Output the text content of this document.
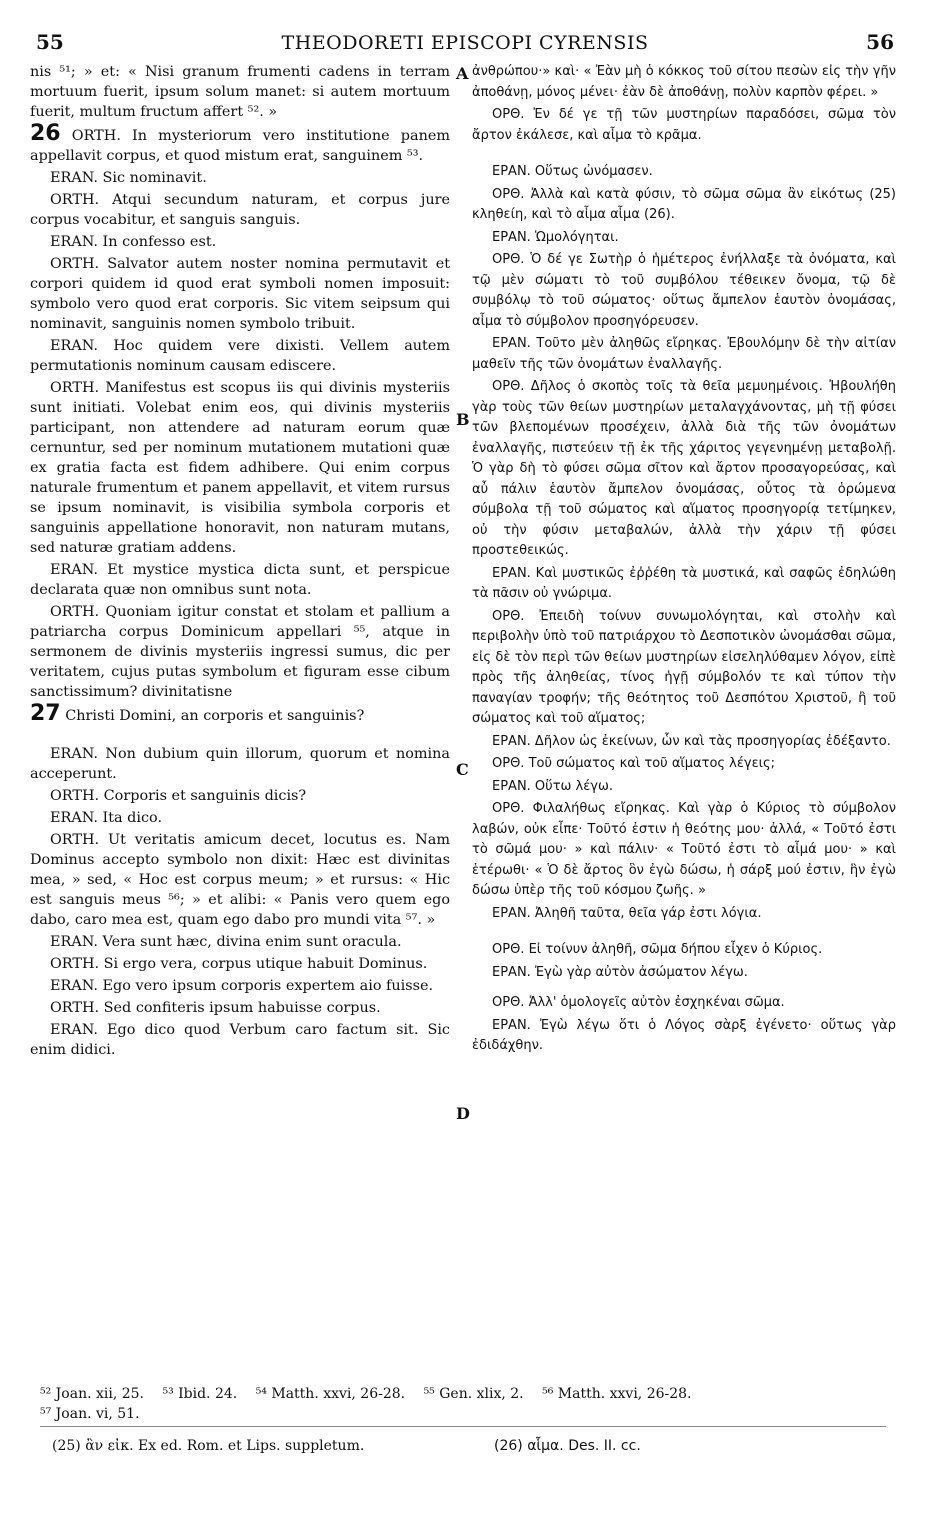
55	THEODORETI EPISCOPI CYRENSIS	56
A
B
C
D

nis ⁵¹; » et: « Nisi granum frumenti cadens in terram mortuum fuerit, ipsum solum manet: si autem mortuum fuerit, multum fructum affert ⁵². »

26 ORTH. In mysteriorum vero institutione panem appellavit corpus, et quod mistum erat, sanguinem ⁵³.

ERAN. Sic nominavit.

ORTH. Atqui secundum naturam, et corpus jure corpus vocabitur, et sanguis sanguis.

ERAN. In confesso est.

ORTH. Salvator autem noster nomina permutavit et corpori quidem id quod erat symboli nomen imposuit: symbolo vero quod erat corporis. Sic vitem seipsum qui nominavit, sanguinis nomen symbolo tribuit.

ERAN. Hoc quidem vere dixisti. Vellem autem permutationis nominum causam ediscere.

ORTH. Manifestus est scopus iis qui divinis mysteriis sunt initiati. Volebat enim eos, qui divinis mysteriis participant, non attendere ad naturam eorum quæ cernuntur, sed per nominum mutationem mutationi quæ ex gratia facta est fidem adhibere. Qui enim corpus naturale frumentum et panem appellavit, et vitem rursus se ipsum nominavit, is visibilia symbola corporis et sanguinis appellatione honoravit, non naturam mutans, sed naturæ gratiam addens.

ERAN. Et mystice mystica dicta sunt, et perspicue declarata quæ non omnibus sunt nota.

ORTH. Quoniam igitur constat et stolam et pallium a patriarcha corpus Dominicum appellari ⁵⁵, atque in sermonem de divinis mysteriis ingressi sumus, dic per veritatem, cujus putas symbolum et figuram esse cibum sanctissimum? divinitatisne

27 Christi Domini, an corporis et sanguinis?

ERAN. Non dubium quin illorum, quorum et nomina acceperunt.

ORTH. Corporis et sanguinis dicis?

ERAN. Ita dico.

ORTH. Ut veritatis amicum decet, locutus es. Nam Dominus accepto symbolo non dixit: Hæc est divinitas mea, » sed, « Hoc est corpus meum; » et rursus: « Hic est sanguis meus ⁵⁶; » et alibi: « Panis vero quem ego dabo, caro mea est, quam ego dabo pro mundi vita ⁵⁷. »

ERAN. Vera sunt hæc, divina enim sunt oracula.

ORTH. Si ergo vera, corpus utique habuit Dominus.

ERAN. Ego vero ipsum corporis expertem aio fuisse.

ORTH. Sed confiteris ipsum habuisse corpus.

ERAN. Ego dico quod Verbum caro factum sit. Sic enim didici.

ἀνθρώπου·» καὶ· « Ἐὰν μὴ ὁ κόκκος τοῦ σίτου πεσὼν εἰς τὴν γῆν ἀποθάνῃ, μόνος μένει· ἐὰν δὲ ἀποθάνῃ, πολὺν καρπὸν φέρει. »

ΟΡΘ. Ἐν δέ γε τῇ τῶν μυστηρίων παραδόσει, σῶμα τὸν ἄρτον ἐκάλεσε, καὶ αἷμα τὸ κρᾶμα.

ΕΡΑΝ. Οὕτως ὠνόμασεν.

ΟΡΘ. Ἀλλὰ καὶ κατὰ φύσιν, τὸ σῶμα σῶμα ἂν εἰκότως (25) κληθείη, καὶ τὸ αἷμα αἷμα (26).

ΕΡΑΝ. Ὡμολόγηται.

ΟΡΘ. Ὁ δέ γε Σωτὴρ ὁ ἡμέτερος ἐνήλλαξε τὰ ὀνόματα, καὶ τῷ μὲν σώματι τὸ τοῦ συμβόλου τέθεικεν ὄνομα, τῷ δὲ συμβόλῳ τὸ τοῦ σώματος· οὕτως ἄμπελον ἑαυτὸν ὀνομάσας, αἷμα τὸ σύμβολον προσηγόρευσεν.

ΕΡΑΝ. Τοῦτο μὲν ἀληθῶς εἴρηκας. Ἐβουλόμην δὲ τὴν αἰτίαν μαθεῖν τῆς τῶν ὀνομάτων ἐναλλαγῆς.

ΟΡΘ. Δῆλος ὁ σκοπὸς τοῖς τὰ θεῖα μεμυημένοις. Ἠβουλήθη γὰρ τοὺς τῶν θείων μυστηρίων μεταλαγχάνοντας, μὴ τῇ φύσει τῶν βλεπομένων προσέχειν, ἀλλὰ διὰ τῆς τῶν ὀνομάτων ἐναλλαγῆς, πιστεύειν τῇ ἐκ τῆς χάριτος γεγενημένῃ μεταβολῇ. Ὁ γὰρ δὴ τὸ φύσει σῶμα σῖτον καὶ ἄρτον προσαγορεύσας, καὶ αὖ πάλιν ἑαυτὸν ἄμπελον ὀνομάσας, οὗτος τὰ ὁρώμενα σύμβολα τῇ τοῦ σώματος καὶ αἵματος προσηγορίᾳ τετίμηκεν, οὐ τὴν φύσιν μεταβαλών, ἀλλὰ τὴν χάριν τῇ φύσει προστεθεικώς.

ΕΡΑΝ. Καὶ μυστικῶς ἐῤῥέθη τὰ μυστικά, καὶ σαφῶς ἐδηλώθη τὰ πᾶσιν οὐ γνώριμα.

ΟΡΘ. Ἐπειδὴ τοίνυν συνωμολόγηται, καὶ στολὴν καὶ περιβολὴν ὑπὸ τοῦ πατριάρχου τὸ Δεσποτικὸν ὠνομάσθαι σῶμα, εἰς δὲ τὸν περὶ τῶν θείων μυστηρίων εἰσεληλύθαμεν λόγον, εἰπὲ πρὸς τῆς ἀληθείας, τίνος ἡγῇ σύμβολόν τε καὶ τύπον τὴν παναγίαν τροφήν; τῆς θεότητος τοῦ Δεσπότου Χριστοῦ, ἢ τοῦ σώματος καὶ τοῦ αἵματος;

ΕΡΑΝ. Δῆλον ὡς ἐκείνων, ὧν καὶ τὰς προσηγορίας ἐδέξαντο.

ΟΡΘ. Τοῦ σώματος καὶ τοῦ αἵματος λέγεις;

ΕΡΑΝ. Οὕτω λέγω.

ΟΡΘ. Φιλαλήθως εἴρηκας. Καὶ γὰρ ὁ Κύριος τὸ σύμβολον λαβών, οὐκ εἶπε· Τοῦτό ἐστιν ἡ θεότης μου· ἀλλά, « Τοῦτό ἐστι τὸ σῶμά μου· » καὶ πάλιν· « Τοῦτό ἐστι τὸ αἷμά μου· » καὶ ἑτέρωθι· « Ὁ δὲ ἄρτος ὃν ἐγὼ δώσω, ἡ σάρξ μού ἐστιν, ἣν ἐγὼ δώσω ὑπὲρ τῆς τοῦ κόσμου ζωῆς. »

ΕΡΑΝ. Ἀληθῆ ταῦτα, θεῖα γάρ ἐστι λόγια.

ΟΡΘ. Εἰ τοίνυν ἀληθῆ, σῶμα δήπου εἶχεν ὁ Κύριος.

ΕΡΑΝ. Ἐγὼ γὰρ αὐτὸν ἀσώματον λέγω.

ΟΡΘ. Ἀλλ' ὁμολογεῖς αὐτὸν ἐσχηκέναι σῶμα.

ΕΡΑΝ. Ἐγὼ λέγω ὅτι ὁ Λόγος σὰρξ ἐγένετο· οὕτως γὰρ ἐδιδάχθην.

⁵² Joan. xii, 25. ⁵³ Ibid. 24. ⁵⁴ Matth. xxvi, 26-28. ⁵⁵ Gen. xlix, 2. ⁵⁶ Matth. xxvi, 26-28.
⁵⁷ Joan. vi, 51.
(25) ἂν εἰκ. Ex ed. Rom. et Lips. suppletum.	(26) αἷμα. Des. II. cc.
